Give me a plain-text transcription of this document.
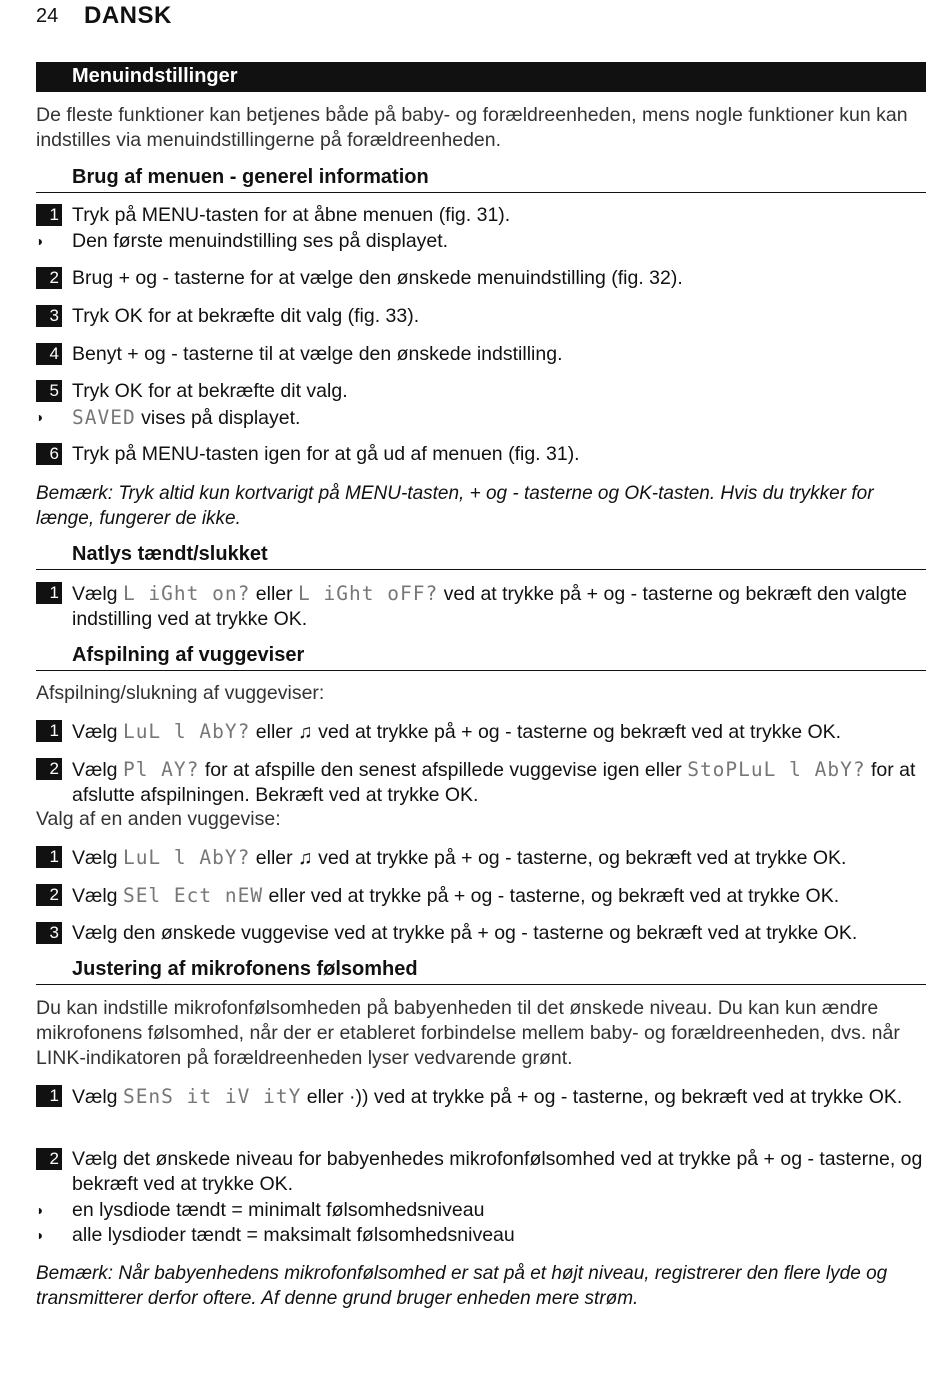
24 DANSK
Menuindstillinger
De fleste funktioner kan betjenes både på baby- og forældreenheden, mens nogle funktioner kun kan indstilles via menuindstillingerne på forældreenheden.
Brug af menuen - generel information
1 Tryk på MENU-tasten for at åbne menuen (fig. 31).
◗ Den første menuindstilling ses på displayet.
2 Brug + og - tasterne for at vælge den ønskede menuindstilling (fig. 32).
3 Tryk OK for at bekræfte dit valg (fig. 33).
4 Benyt + og - tasterne til at vælge den ønskede indstilling.
5 Tryk OK for at bekræfte dit valg.
◗ SAVED vises på displayet.
6 Tryk på MENU-tasten igen for at gå ud af menuen (fig. 31).
Bemærk: Tryk altid kun kortvarigt på MENU-tasten, + og - tasterne og OK-tasten. Hvis du trykker for længe, fungerer de ikke.
Natlys tændt/slukket
1 Vælg L iGht on? eller L iGht oFF? ved at trykke på + og - tasterne og bekræft den valgte indstilling ved at trykke OK.
Afspilning af vuggeviser
Afspilning/slukning af vuggeviser:
1 Vælg LuL l AbY? eller ♫ ved at trykke på + og - tasterne og bekræft ved at trykke OK.
2 Vælg Pl AY? for at afspille den senest afspillede vuggevise igen eller StoPLuL l AbY? for at afslutte afspilningen. Bekræft ved at trykke OK.
Valg af en anden vuggevise:
1 Vælg LuL l AbY? eller ♫ ved at trykke på + og - tasterne, og bekræft ved at trykke OK.
2 Vælg SEl Ect nEW eller ved at trykke på + og - tasterne, og bekræft ved at trykke OK.
3 Vælg den ønskede vuggevise ved at trykke på + og - tasterne og bekræft ved at trykke OK.
Justering af mikrofonens følsomhed
Du kan indstille mikrofonfølsomheden på babyenheden til det ønskede niveau. Du kan kun ændre mikrofonens følsomhed, når der er etableret forbindelse mellem baby- og forældreenheden, dvs. når LINK-indikatoren på forældreenheden lyser vedvarende grønt.
1 Vælg SEnS it iV itY eller ·)) ved at trykke på + og - tasterne, og bekræft ved at trykke OK.
2 Vælg det ønskede niveau for babyenhedes mikrofonfølsomhed ved at trykke på + og - tasterne, og bekræft ved at trykke OK.
◗ en lysdiode tændt = minimalt følsomhedsniveau
◗ alle lysdioder tændt = maksimalt følsomhedsniveau
Bemærk: Når babyenhedens mikrofonfølsomhed er sat på et højt niveau, registrerer den flere lyde og transmitterer derfor oftere. Af denne grund bruger enheden mere strøm.
